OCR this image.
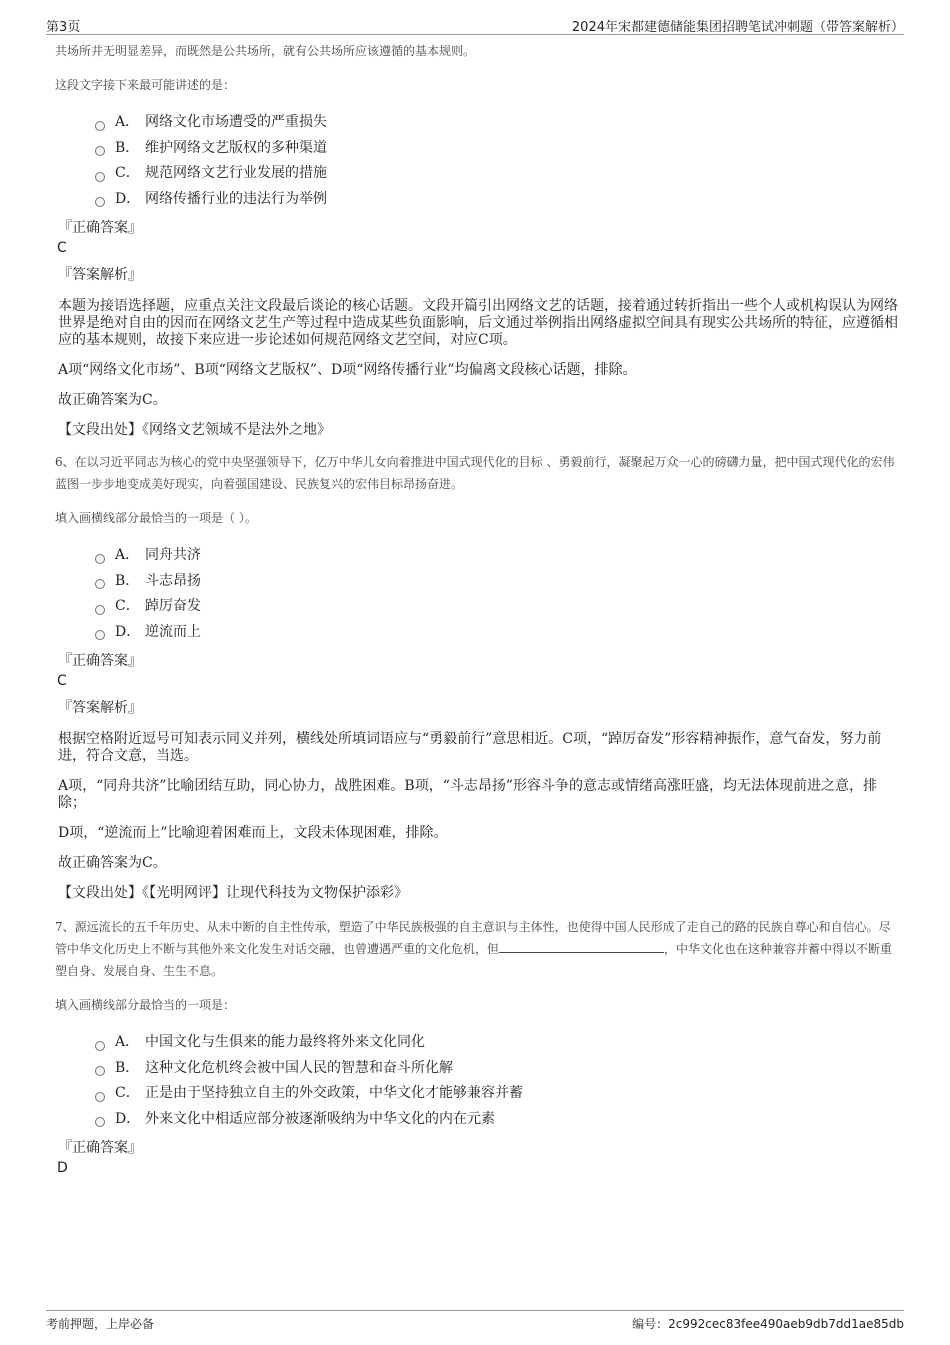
第3页	2024年宋都建德储能集团招聘笔试冲刺题（带答案解析）
共场所并无明显差异，而既然是公共场所，就有公共场所应该遵循的基本规则。
这段文字接下来最可能讲述的是：
A． 网络文化市场遭受的严重损失
B． 维护网络文艺版权的多种渠道
C． 规范网络文艺行业发展的措施
D． 网络传播行业的违法行为举例
『正确答案』
C
『答案解析』
本题为接语选择题，应重点关注文段最后谈论的核心话题。文段开篇引出网络文艺的话题，接着通过转折指出一些个人或机构误认为网络世界是绝对自由的因而在网络文艺生产等过程中造成某些负面影响，后文通过举例指出网络虚拟空间具有现实公共场所的特征，应遵循相应的基本规则，故接下来应进一步论述如何规范网络文艺空间，对应C项。
A项“网络文化市场”、B项“网络文艺版权”、D项“网络传播行业”均偏离文段核心话题，排除。
故正确答案为C。
【文段出处】《网络文艺领域不是法外之地》
6、在以习近平同志为核心的党中央坚强领导下，亿万中华儿女向着推进中国式现代化的目标 、勇毅前行，凝聚起万众一心的磅礴力量，把中国式现代化的宏伟蓝图一步步地变成美好现实，向着强国建设、民族复兴的宏伟目标昂扬奋进。
填入画横线部分最恰当的一项是（ ）。
A． 同舟共济
B． 斗志昂扬
C． 踔厉奋发
D． 逆流而上
『正确答案』
C
『答案解析』
根据空格附近逗号可知表示同义并列，横线处所填词语应与“勇毅前行”意思相近。C项，“踔厉奋发”形容精神振作，意气奋发，努力前进，符合文意，当选。
A项，“同舟共济”比喻团结互助，同心协力，战胜困难。B项，“斗志昂扬”形容斗争的意志或情绪高涨旺盛，均无法体现前进之意，排除；
D项，“逆流而上”比喻迎着困难而上，文段未体现困难，排除。
故正确答案为C。
【文段出处】《【光明网评】让现代科技为文物保护添彩》
7、源远流长的五千年历史、从未中断的自主性传承，塑造了中华民族极强的自主意识与主体性，也使得中国人民形成了走自己的路的民族自尊心和自信心。尽管中华文化历史上不断与其他外来文化发生对话交融，也曾遭遇严重的文化危机，但	，中华文化也在这种兼容并蓄中得以不断重塑自身、发展自身、生生不息。
填入画横线部分最恰当的一项是：
A． 中国文化与生俱来的能力最终将外来文化同化
B． 这种文化危机终会被中国人民的智慧和奋斗所化解
C． 正是由于坚持独立自主的外交政策，中华文化才能够兼容并蓄
D． 外来文化中相适应部分被逐渐吸纳为中华文化的内在元素
『正确答案』
D
考前押题，上岸必备	编号：2c992cec83fee490aeb9db7dd1ae85db
